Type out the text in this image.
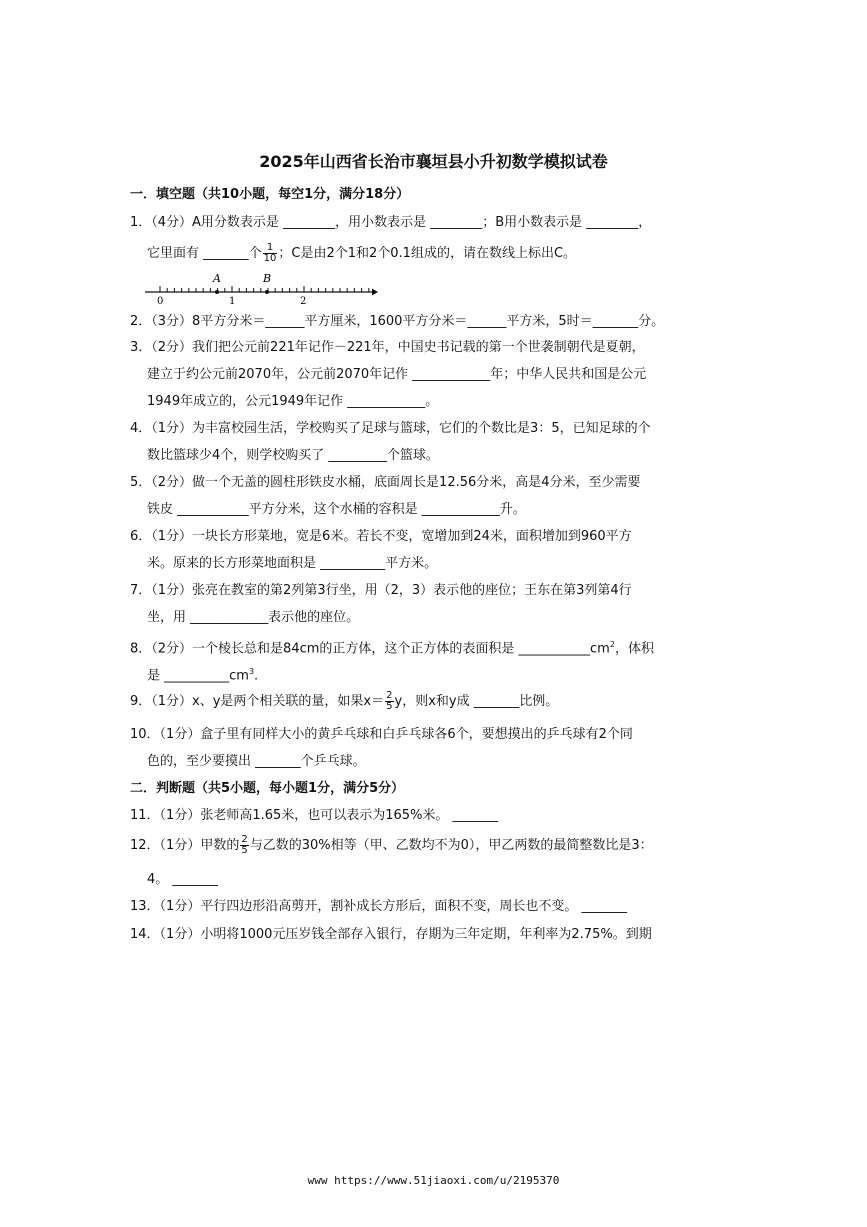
2025年山西省长治市襄垣县小升初数学模拟试卷
一．填空题（共10小题，每空1分，满分18分）
1．（4分）A用分数表示是 ________，用小数表示是 ________；B用小数表示是 ________，
它里面有 _______个 $\frac{1}{10}$ ；C是由2个1和2个0.1组成的，请在数线上标出C。
A	B
0	1	2
2．（3分）8平方分米＝______平方厘米，1600平方分米＝______平方米，5时＝_______分。
3．（2分）我们把公元前221年记作－221年，中国史书记载的第一个世袭制朝代是夏朝，
建立于约公元前2070年，公元前2070年记作 ____________年；中华人民共和国是公元
1949年成立的，公元1949年记作 ____________。
4．（1分）为丰富校园生活，学校购买了足球与篮球，它们的个数比是3：5，已知足球的个
数比篮球少4个，则学校购买了 _________个篮球。
5．（2分）做一个无盖的圆柱形铁皮水桶，底面周长是12.56分米，高是4分米，至少需要
铁皮 ___________平方分米，这个水桶的容积是 ____________升。
6．（1分）一块长方形菜地，宽是6米。若长不变，宽增加到24米，面积增加到960平方
米。原来的长方形菜地面积是 __________平方米。
7．（1分）张亮在教室的第2列第3行坐，用（2，3）表示他的座位；王东在第3列第4行
坐，用 ____________表示他的座位。
8．（2分）一个棱长总和是84cm的正方体，这个正方体的表面积是 $\_\_\_\_\_\_\_\_\_\_\_cm^2$，体积
是 $\_\_\_\_\_\_\_\_\_\_cm^3$.
9．（1分）x、y是两个相关联的量，如果$x= \frac{2}{5}$ y，则x和y成 _______比例。
10．（1分）盒子里有同样大小的黄乒乓球和白乒乓球各6个，要想摸出的乒乓球有2个同
色的，至少要摸出 _______个乒乓球。
二．判断题（共5小题，每小题1分，满分5分）
11．（1分）张老师高1.65米，也可以表示为165%米。 _______
12．（1分）甲数的 $\frac{2}{5}$ 与乙数的30%相等（甲、乙数均不为0），甲乙两数的最简整数比是3：
4。 _______
13．（1分）平行四边形沿高剪开，割补成长方形后，面积不变，周长也不变。 _______
14．（1分）小明将1000元压岁钱全部存入银行，存期为三年定期，年利率为2.75%。到期
www https://www.51jiaoxi.com/u/2195370
